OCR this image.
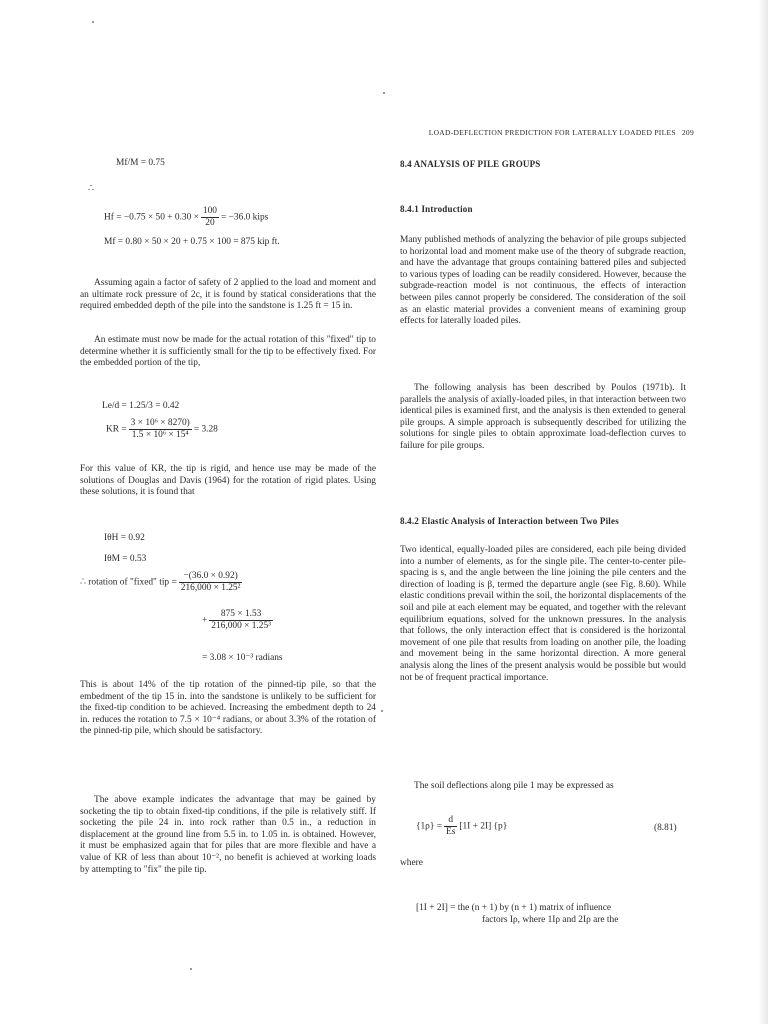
LOAD-DEFLECTION PREDICTION FOR LATERALLY LOADED PILES 209
Mf/M = 0.75
∴
$Hf = -0.75 \times 50 + 0.30 \times \frac{100}{20} = -36.0$ kips
Mf = 0.80 × 50 × 20 + 0.75 × 100 = 875 kip ft.
Assuming again a factor of safety of 2 applied to the load and moment and an ultimate rock pressure of 2c, it is found by statical considerations that the required embedded depth of the pile into the sandstone is 1.25 ft = 15 in.
An estimate must now be made for the actual rotation of this "fixed" tip to determine whether it is sufficiently small for the tip to be effectively fixed. For the embedded portion of the tip,
Le/d = 1.25/3 = 0.42
KR = $\frac{\text{3 × 10⁶ × 8270)}}{\text{1.5 × 10⁶ × 15⁴}} = 3.28$
For this value of KR, the tip is rigid, and hence use may be made of the solutions of Douglas and Davis (1964) for the rotation of rigid plates. Using these solutions, it is found that
IθH = 0.92
IθM = 0.53
∴ rotation of "fixed" tip = $\frac{-(36.0 \times 0.92)}{\text{216,000 × 1.25²}}$
+ $\frac{875 \times 1.53}{\text{216,000 × 1.25³}}$
= 3.08 × 10⁻³ radians
This is about 14% of the tip rotation of the pinned-tip pile, so that the embedment of the tip 15 in. into the sandstone is unlikely to be sufficient for the fixed-tip condition to be achieved. Increasing the embedment depth to 24 in. reduces the rotation to 7.5 × 10⁻⁴ radians, or about 3.3% of the rotation of the pinned-tip pile, which should be satisfactory.
The above example indicates the advantage that may be gained by socketing the tip to obtain fixed-tip conditions, if the pile is relatively stiff. If socketing the pile 24 in. into rock rather than 0.5 in., a reduction in displacement at the ground line from 5.5 in. to 1.05 in. is obtained. However, it must be emphasized again that for piles that are more flexible and have a value of KR of less than about 10⁻², no benefit is achieved at working loads by attempting to "fix" the pile tip.
8.4 ANALYSIS OF PILE GROUPS
8.4.1 Introduction
Many published methods of analyzing the behavior of pile groups subjected to horizontal load and moment make use of the theory of subgrade reaction, and have the advantage that groups containing battered piles and subjected to various types of loading can be readily considered. However, because the subgrade-reaction model is not continuous, the effects of interaction between piles cannot properly be considered. The consideration of the soil as an elastic material provides a convenient means of examining group effects for laterally loaded piles.
The following analysis has been described by Poulos (1971b). It parallels the analysis of axially-loaded piles, in that interaction between two identical piles is examined first, and the analysis is then extended to general pile groups. A simple approach is subsequently described for utilizing the solutions for single piles to obtain approximate load-deflection curves to failure for pile groups.
8.4.2 Elastic Analysis of Interaction between Two Piles
Two identical, equally-loaded piles are considered, each pile being divided into a number of elements, as for the single pile. The center-to-center pile-spacing is s, and the angle between the line joining the pile centers and the direction of loading is β, termed the departure angle (see Fig. 8.60). While elastic conditions prevail within the soil, the horizontal displacements of the soil and pile at each element may be equated, and together with the relevant equilibrium equations, solved for the unknown pressures. In the analysis that follows, the only interaction effect that is considered is the horizontal movement of one pile that results from loading on another pile, the loading and movement being in the same horizontal direction. A more general analysis along the lines of the present analysis would be possible but would not be of frequent practical importance.
The soil deflections along pile 1 may be expressed as
$\{1\rho\} = \frac{d}{Es} [1I + 2I]$ {p}	(8.81)
where
[1I + 2I] = the (n + 1) by (n + 1) matrix of influence
factors Iρ, where 1Iρ and 2Iρ are the
